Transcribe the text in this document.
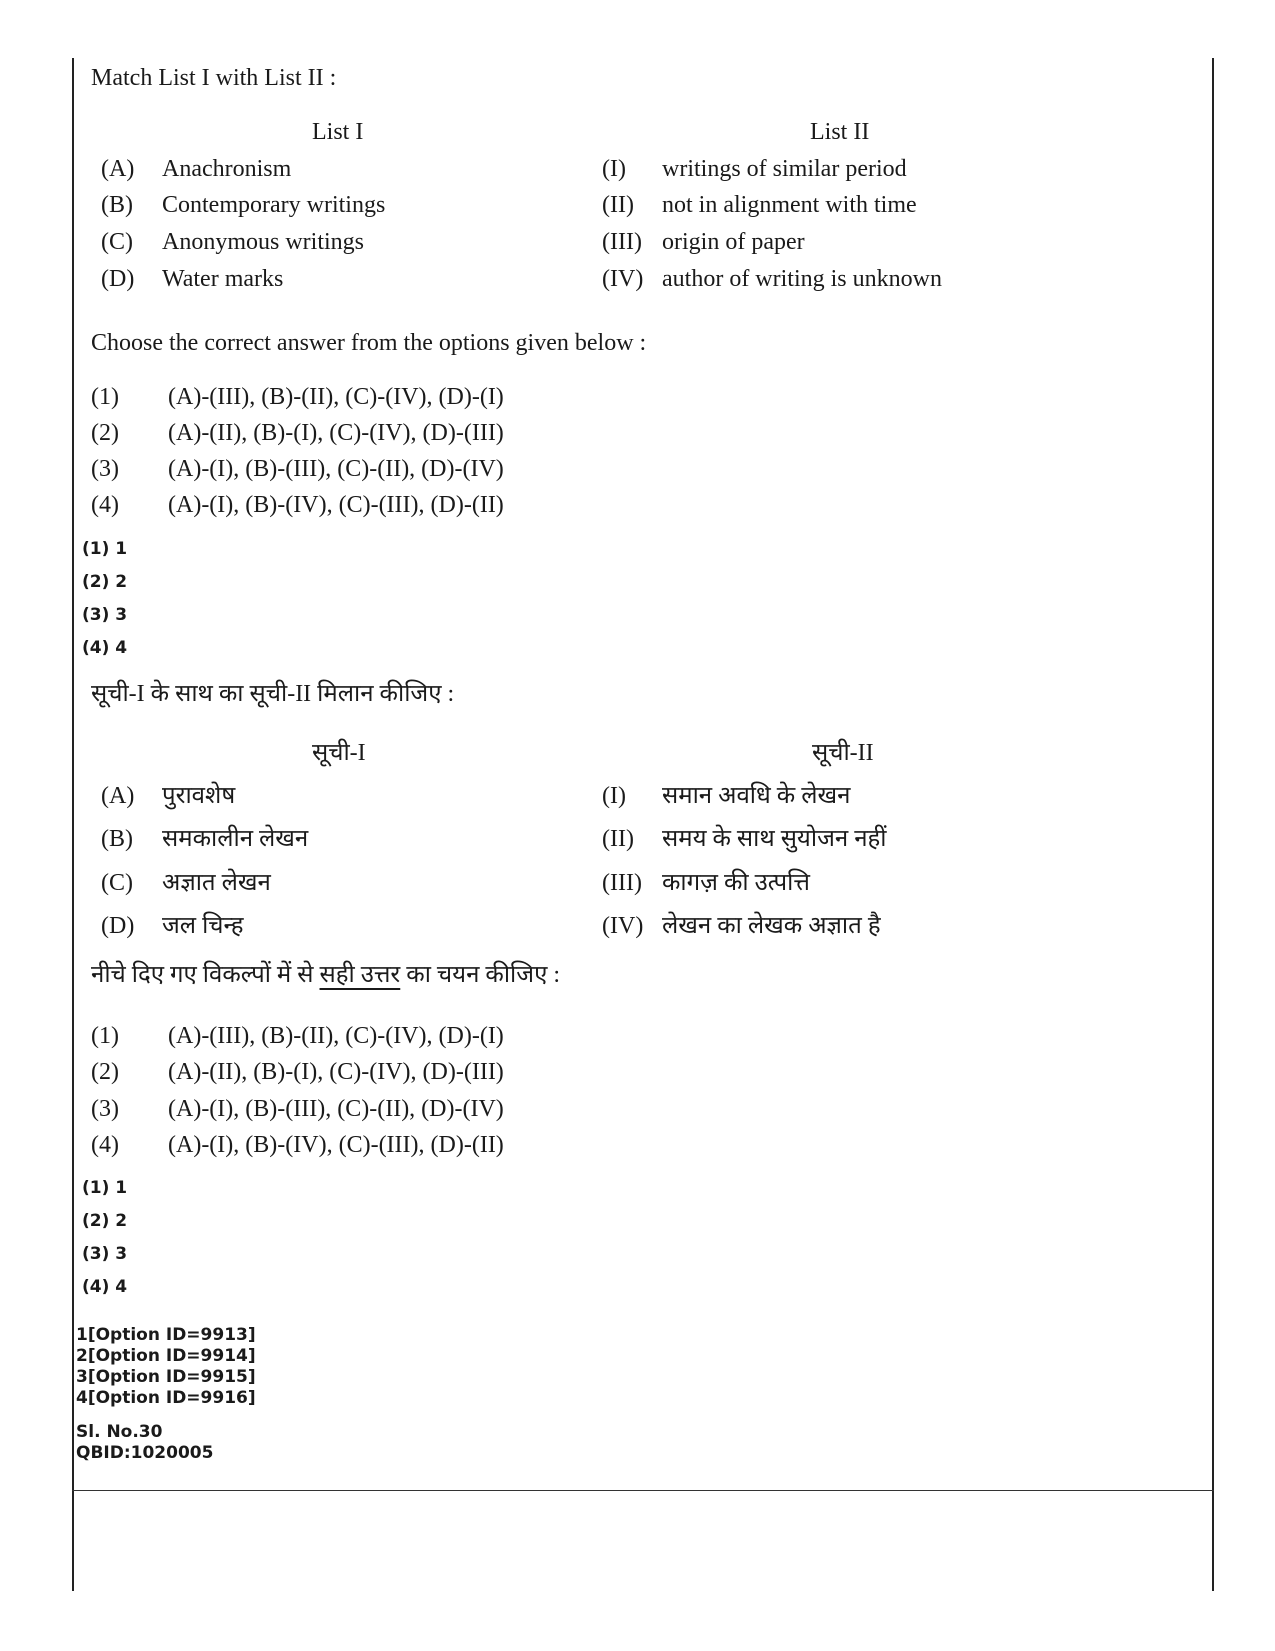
Match List I with List II :
List I	List II
(A) Anachronism	(I) writings of similar period
(B) Contemporary writings	(II) not in alignment with time
(C) Anonymous writings	(III) origin of paper
(D) Water marks	(IV) author of writing is unknown
Choose the correct answer from the options given below :
(1) (A)-(III), (B)-(II), (C)-(IV), (D)-(I)
(2) (A)-(II), (B)-(I), (C)-(IV), (D)-(III)
(3) (A)-(I), (B)-(III), (C)-(II), (D)-(IV)
(4) (A)-(I), (B)-(IV), (C)-(III), (D)-(II)
(1) 1
(2) 2
(3) 3
(4) 4
सूची-I के साथ का सूची-II मिलान कीजिए :
सूची-I	सूची-II
(A) पुरावशेष	(I) समान अवधि के लेखन
(B) समकालीन लेखन	(II) समय के साथ सुयोजन नहीं
(C) अज्ञात लेखन	(III) कागज़ की उत्पत्ति
(D) जल चिन्ह	(IV) लेखन का लेखक अज्ञात है
नीचे दिए गए विकल्पों में से सही उत्तर का चयन कीजिए :
(1) (A)-(III), (B)-(II), (C)-(IV), (D)-(I)
(2) (A)-(II), (B)-(I), (C)-(IV), (D)-(III)
(3) (A)-(I), (B)-(III), (C)-(II), (D)-(IV)
(4) (A)-(I), (B)-(IV), (C)-(III), (D)-(II)
(1) 1
(2) 2
(3) 3
(4) 4
1[Option ID=9913]
2[Option ID=9914]
3[Option ID=9915]
4[Option ID=9916]
Sl. No.30
QBID:1020005
